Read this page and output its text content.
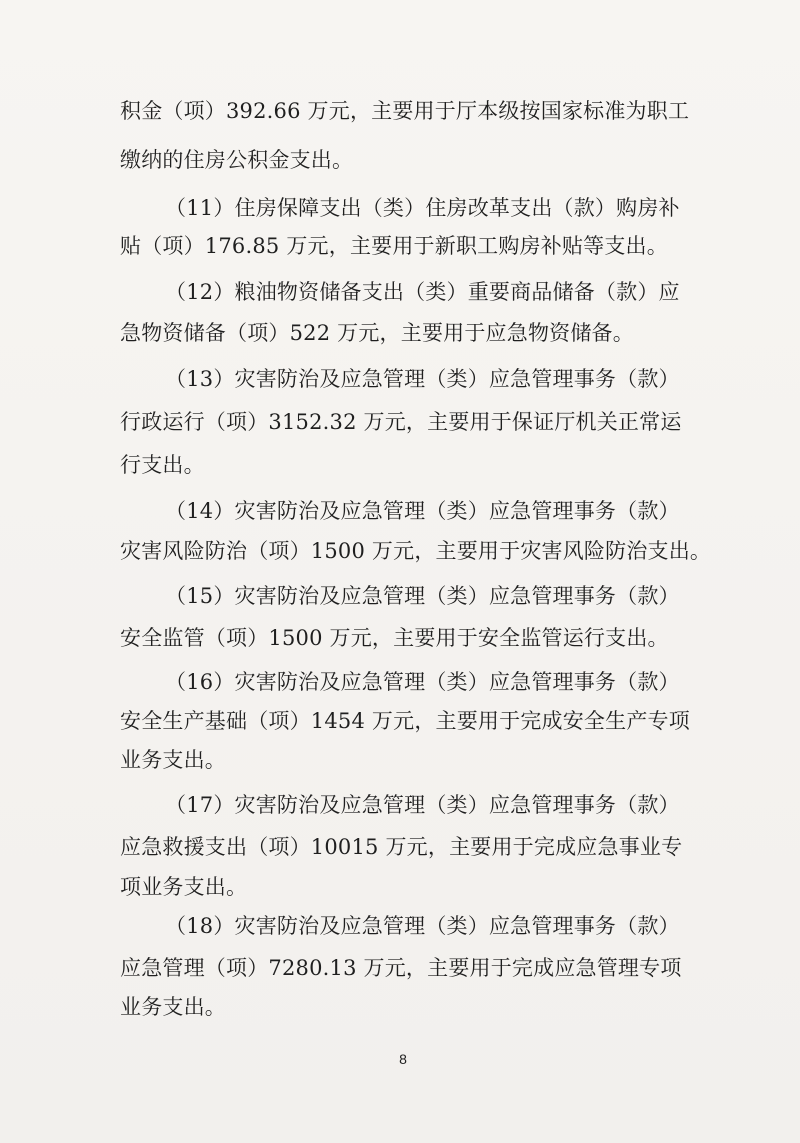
积金（项）392.66 万元，主要用于厅本级按国家标准为职工
缴纳的住房公积金支出。
（11）住房保障支出（类）住房改革支出（款）购房补
贴（项）176.85 万元，主要用于新职工购房补贴等支出。
（12）粮油物资储备支出（类）重要商品储备（款）应
急物资储备（项）522 万元，主要用于应急物资储备。
（13）灾害防治及应急管理（类）应急管理事务（款）
行政运行（项）3152.32 万元，主要用于保证厅机关正常运
行支出。
（14）灾害防治及应急管理（类）应急管理事务（款）
灾害风险防治（项）1500 万元，主要用于灾害风险防治支出。
（15）灾害防治及应急管理（类）应急管理事务（款）
安全监管（项）1500 万元，主要用于安全监管运行支出。
（16）灾害防治及应急管理（类）应急管理事务（款）
安全生产基础（项）1454 万元，主要用于完成安全生产专项
业务支出。
（17）灾害防治及应急管理（类）应急管理事务（款）
应急救援支出（项）10015 万元，主要用于完成应急事业专
项业务支出。
（18）灾害防治及应急管理（类）应急管理事务（款）
应急管理（项）7280.13 万元，主要用于完成应急管理专项
业务支出。
8
